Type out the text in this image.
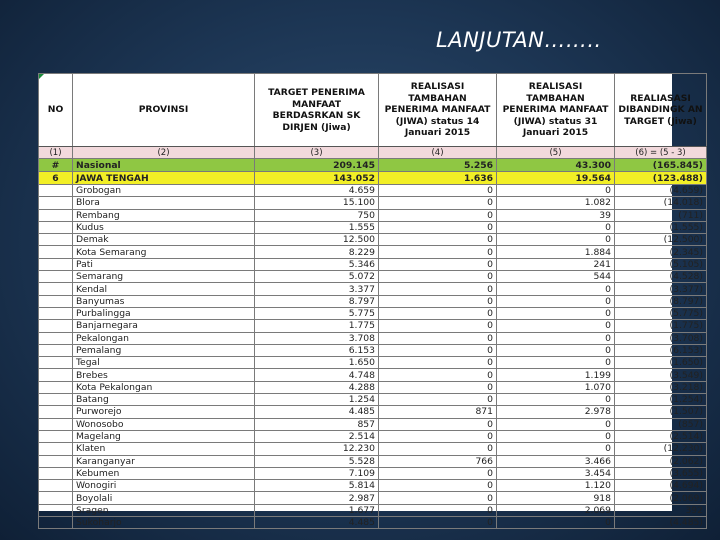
LANJUTAN……..
NO	PROVINSI	TARGET PENERIMA MANFAAT BERDASRKAN SK DIRJEN (Jiwa)	REALISASI TAMBAHAN PENERIMA MANFAAT (JIWA) status 14 Januari 2015	REALISASI TAMBAHAN PENERIMA MANFAAT (JIWA) status 31 Januari 2015	REALIASASI DIBANDINGK AN TARGET (Jiwa)
(1)	(2)	(3)	(4)	(5)	(6) = (5 - 3)
#	Nasional	209.145	5.256	43.300	(165.845)
6	JAWA TENGAH	143.052	1.636	19.564	(123.488)
	Grobogan	4.659	0	0	(4.659)
	Blora	15.100	0	1.082	(14.018)
	Rembang	750	0	39	(711)
	Kudus	1.555	0	0	(1.555)
	Demak	12.500	0	0	(12.500)
	Kota Semarang	8.229	0	1.884	(2.345)
	Pati	5.346	0	241	(5.105)
	Semarang	5.072	0	544	(4.528)
	Kendal	3.377	0	0	(3.377)
	Banyumas	8.797	0	0	(8.797)
	Purbalingga	5.775	0	0	(5.775)
	Banjarnegara	1.775	0	0	(1.775)
	Pekalongan	3.708	0	0	(3.708)
	Pemalang	6.153	0	0	(6.153)
	Tegal	1.650	0	0	(1.650)
	Brebes	4.748	0	1.199	(3.549)
	Kota Pekalongan	4.288	0	1.070	(3.218)
	Batang	1.254	0	0	(1.254)
	Purworejo	4.485	871	2.978	(1.507)
	Wonosobo	857	0	0	(857)
	Magelang	2.514	0	0	(2.514)
	Klaten	12.230	0	0	(12.230)
	Karanganyar	5.528	766	3.466	(2.062)
	Kebumen	7.109	0	3.454	(3.655)
	Wonogiri	5.814	0	1.120	(4.694)
	Boyolali	2.987	0	918	(2.069)
	Sragen	1.677	0	2.069	392
	Sukoharjo	4.485	0	0	(4.485)
